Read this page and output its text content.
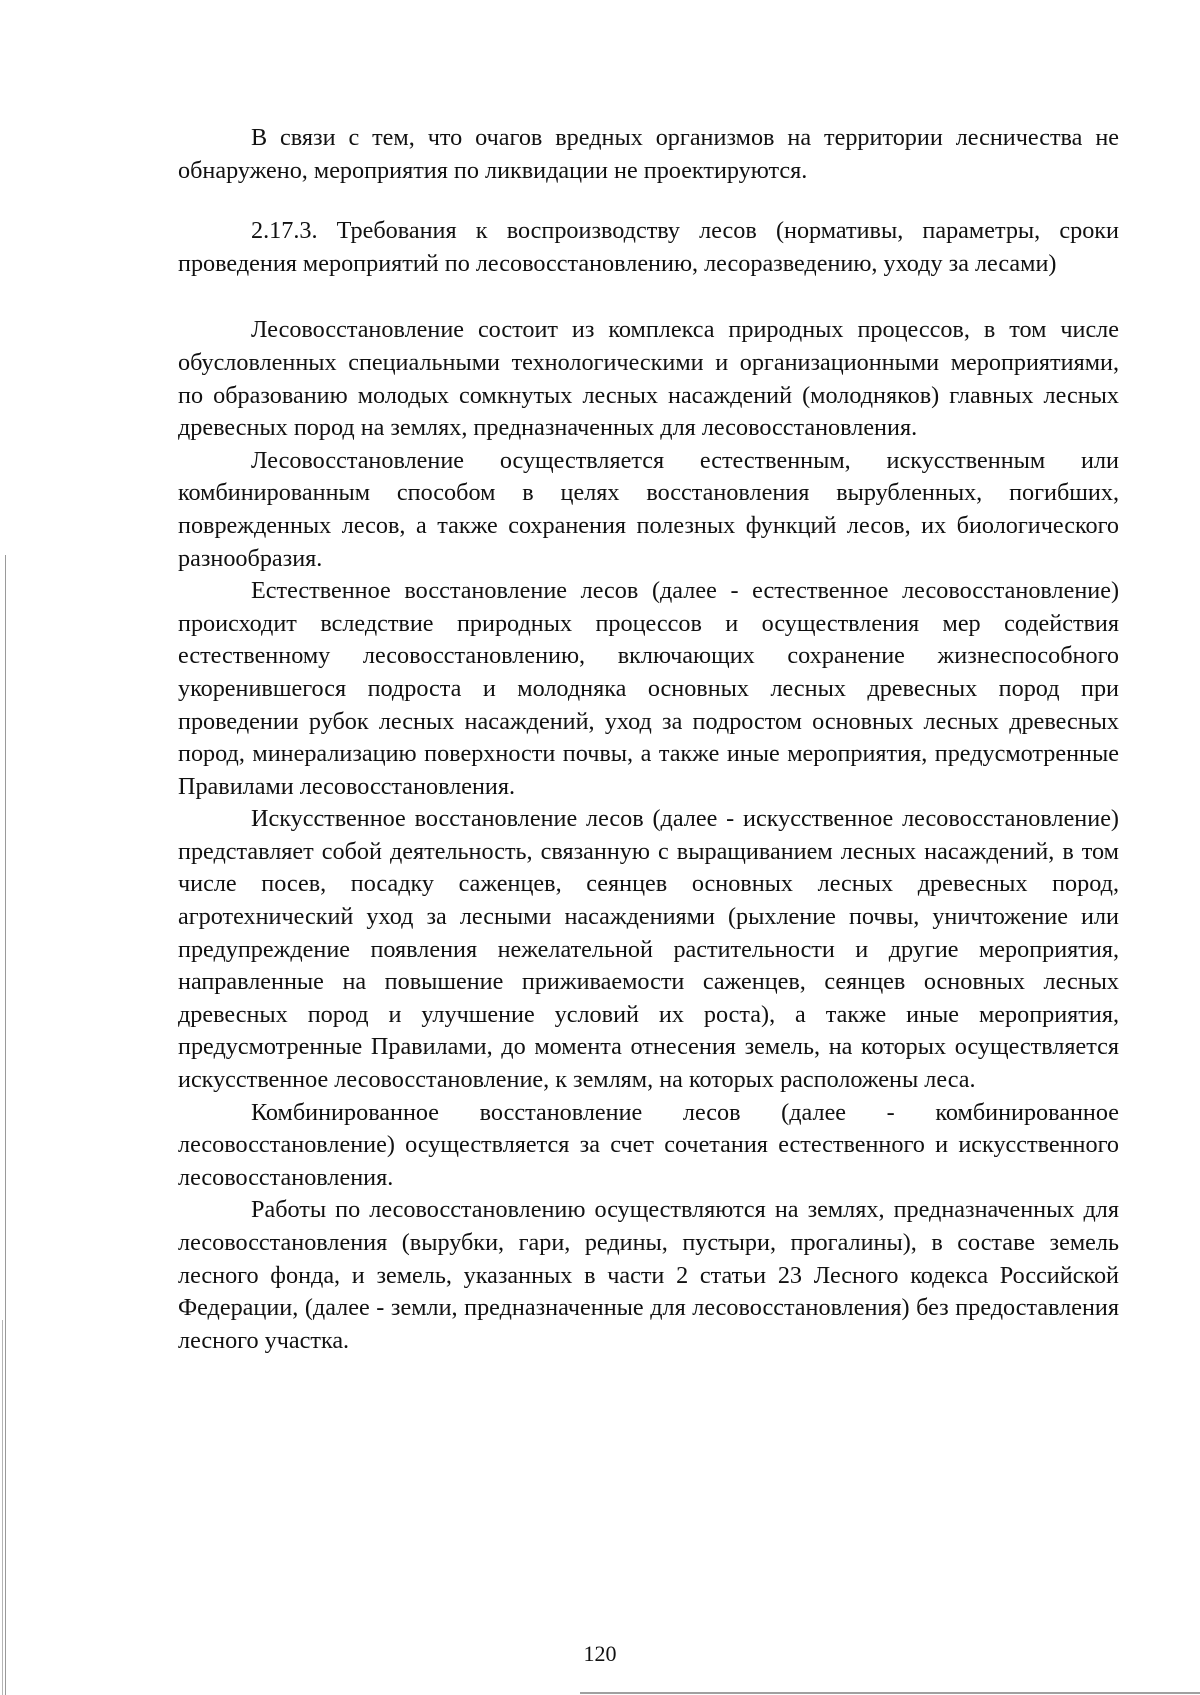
В связи с тем, что очагов вредных организмов на территории лесничества не обнаружено, мероприятия по ликвидации не проектируются.

2.17.3. Требования к воспроизводству лесов (нормативы, параметры, сроки проведения мероприятий по лесовосстановлению, лесоразведению, уходу за лесами)

Лесовосстановление состоит из комплекса природных процессов, в том числе обусловленных специальными технологическими и организационными мероприятиями, по образованию молодых сомкнутых лесных насаждений (молодняков) главных лесных древесных пород на землях, предназначенных для лесовосстановления.

Лесовосстановление осуществляется естественным, искусственным или комбинированным способом в целях восстановления вырубленных, погибших, поврежденных лесов, а также сохранения полезных функций лесов, их биологического разнообразия.

Естественное восстановление лесов (далее - естественное лесовосстановление) происходит вследствие природных процессов и осуществления мер содействия естественному лесовосстановлению, включающих сохранение жизнеспособного укоренившегося подроста и молодняка основных лесных древесных пород при проведении рубок лесных насаждений, уход за подростом основных лесных древесных пород, минерализацию поверхности почвы, а также иные мероприятия, предусмотренные Правилами лесовосстановления.

Искусственное восстановление лесов (далее - искусственное лесовосстановление) представляет собой деятельность, связанную с выращиванием лесных насаждений, в том числе посев, посадку саженцев, сеянцев основных лесных древесных пород, агротехнический уход за лесными насаждениями (рыхление почвы, уничтожение или предупреждение появления нежелательной растительности и другие мероприятия, направленные на повышение приживаемости саженцев, сеянцев основных лесных древесных пород и улучшение условий их роста), а также иные мероприятия, предусмотренные Правилами, до момента отнесения земель, на которых осуществляется искусственное лесовосстановление, к землям, на которых расположены леса.

Комбинированное восстановление лесов (далее - комбинированное лесовосстановление) осуществляется за счет сочетания естественного и искусственного лесовосстановления.

Работы по лесовосстановлению осуществляются на землях, предназначенных для лесовосстановления (вырубки, гари, редины, пустыри, прогалины), в составе земель лесного фонда, и земель, указанных в части 2 статьи 23 Лесного кодекса Российской Федерации, (далее - земли, предназначенные для лесовосстановления) без предоставления лесного участка.

120
